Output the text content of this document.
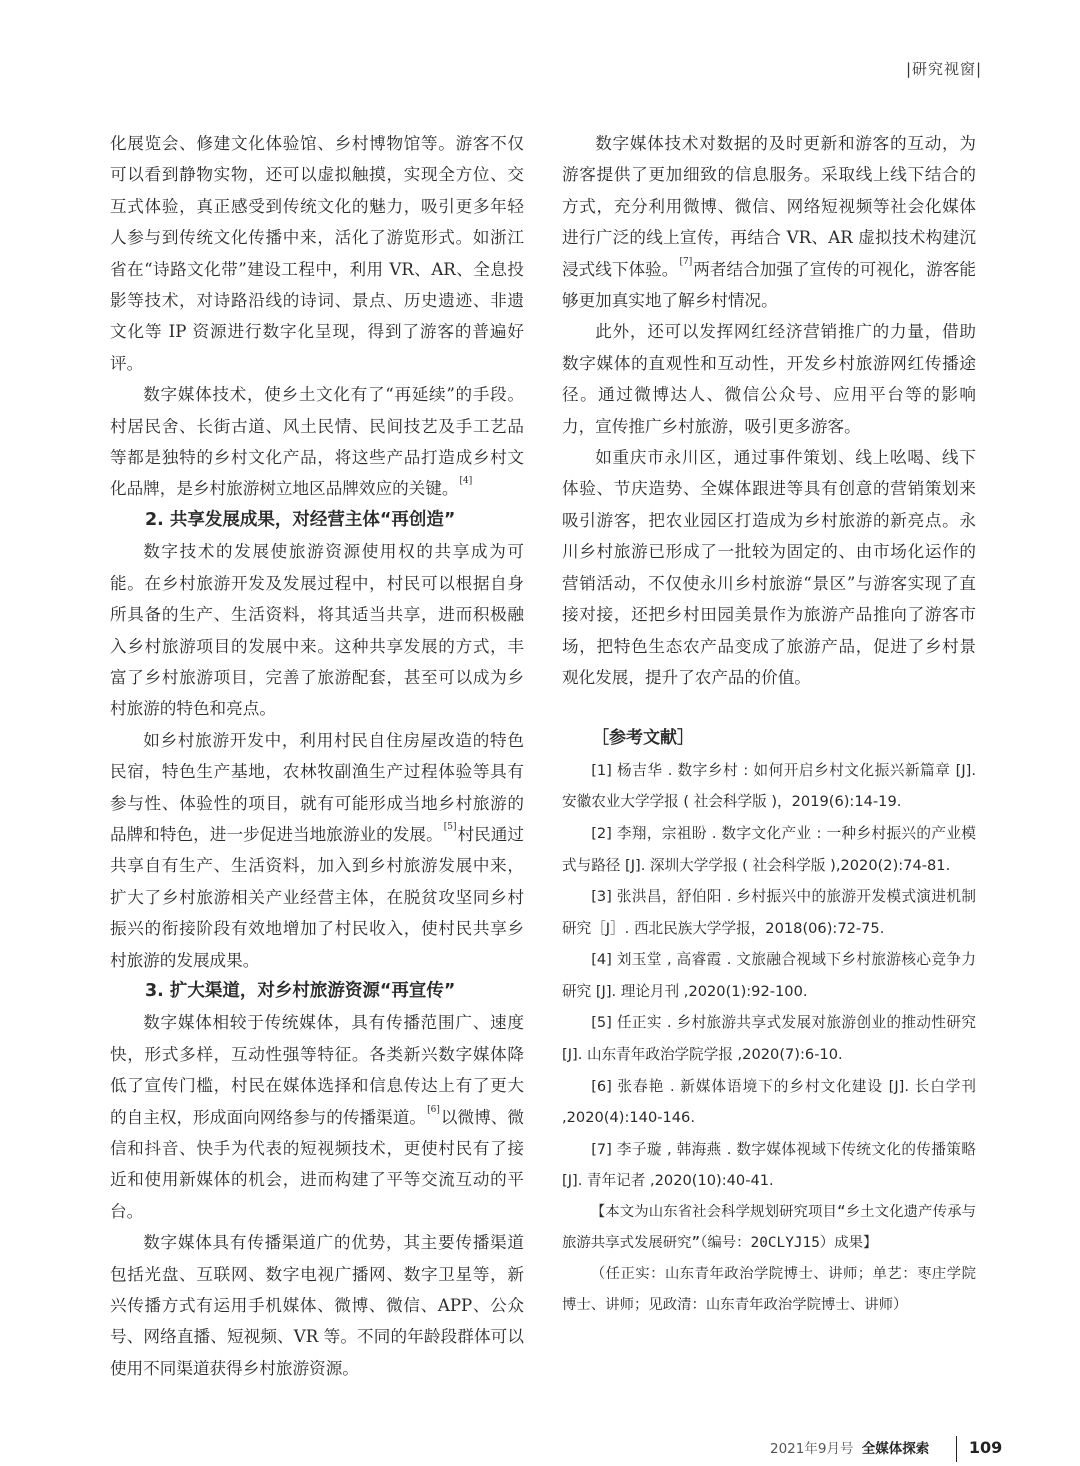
|研究视窗|

化展览会、修建文化体验馆、乡村博物馆等。游客不仅可以看到静物实物，还可以虚拟触摸，实现全方位、交互式体验，真正感受到传统文化的魅力，吸引更多年轻人参与到传统文化传播中来，活化了游览形式。如浙江省在“诗路文化带”建设工程中，利用 VR、AR、全息投影等技术，对诗路沿线的诗词、景点、历史遗迹、非遗文化等 IP 资源进行数字化呈现，得到了游客的普遍好评。

数字媒体技术，使乡土文化有了“再延续”的手段。村居民舍、长街古道、风土民情、民间技艺及手工艺品等都是独特的乡村文化产品，将这些产品打造成乡村文化品牌，是乡村旅游树立地区品牌效应的关键。[4]

2. 共享发展成果，对经营主体“再创造”

数字技术的发展使旅游资源使用权的共享成为可能。在乡村旅游开发及发展过程中，村民可以根据自身所具备的生产、生活资料，将其适当共享，进而积极融入乡村旅游项目的发展中来。这种共享发展的方式，丰富了乡村旅游项目，完善了旅游配套，甚至可以成为乡村旅游的特色和亮点。

如乡村旅游开发中，利用村民自住房屋改造的特色民宿，特色生产基地，农林牧副渔生产过程体验等具有参与性、体验性的项目，就有可能形成当地乡村旅游的品牌和特色，进一步促进当地旅游业的发展。[5]村民通过共享自有生产、生活资料，加入到乡村旅游发展中来，扩大了乡村旅游相关产业经营主体，在脱贫攻坚同乡村振兴的衔接阶段有效地增加了村民收入，使村民共享乡村旅游的发展成果。

3. 扩大渠道，对乡村旅游资源“再宣传”

数字媒体相较于传统媒体，具有传播范围广、速度快，形式多样，互动性强等特征。各类新兴数字媒体降低了宣传门槛，村民在媒体选择和信息传达上有了更大的自主权，形成面向网络参与的传播渠道。[6]以微博、微信和抖音、快手为代表的短视频技术，更使村民有了接近和使用新媒体的机会，进而构建了平等交流互动的平台。

数字媒体具有传播渠道广的优势，其主要传播渠道包括光盘、互联网、数字电视广播网、数字卫星等，新兴传播方式有运用手机媒体、微博、微信、APP、公众号、网络直播、短视频、VR 等。不同的年龄段群体可以使用不同渠道获得乡村旅游资源。

数字媒体技术对数据的及时更新和游客的互动，为游客提供了更加细致的信息服务。采取线上线下结合的方式，充分利用微博、微信、网络短视频等社会化媒体进行广泛的线上宣传，再结合 VR、AR 虚拟技术构建沉浸式线下体验。[7]两者结合加强了宣传的可视化，游客能够更加真实地了解乡村情况。

此外，还可以发挥网红经济营销推广的力量，借助数字媒体的直观性和互动性，开发乡村旅游网红传播途径。通过微博达人、微信公众号、应用平台等的影响力，宣传推广乡村旅游，吸引更多游客。

如重庆市永川区，通过事件策划、线上吆喝、线下体验、节庆造势、全媒体跟进等具有创意的营销策划来吸引游客，把农业园区打造成为乡村旅游的新亮点。永川乡村旅游已形成了一批较为固定的、由市场化运作的营销活动，不仅使永川乡村旅游“景区”与游客实现了直接对接，还把乡村田园美景作为旅游产品推向了游客市场，把特色生态农产品变成了旅游产品，促进了乡村景观化发展，提升了农产品的价值。

［参考文献］

[1] 杨吉华 . 数字乡村 : 如何开启乡村文化振兴新篇章 [J]. 安徽农业大学学报 ( 社会科学版 )，2019(6):14-19.

[2] 李翔，宗祖盼 . 数字文化产业 : 一种乡村振兴的产业模式与路径 [J]. 深圳大学学报 ( 社会科学版 ),2020(2):74-81.

[3] 张洪昌，舒伯阳 . 乡村振兴中的旅游开发模式演进机制研究［J］. 西北民族大学学报，2018(06):72-75.

[4] 刘玉堂 , 高睿霞 . 文旅融合视域下乡村旅游核心竞争力研究 [J]. 理论月刊 ,2020(1):92-100.

[5] 任正实 . 乡村旅游共享式发展对旅游创业的推动性研究 [J]. 山东青年政治学院学报 ,2020(7):6-10.

[6] 张春艳 . 新媒体语境下的乡村文化建设 [J]. 长白学刊 ,2020(4):140-146.

[7] 李子璇 , 韩海燕 . 数字媒体视域下传统文化的传播策略 [J]. 青年记者 ,2020(10):40-41.

【本文为山东省社会科学规划研究项目“乡土文化遗产传承与旅游共享式发展研究”（编号：20CLYJ15）成果】

（任正实：山东青年政治学院博士、讲师；单艺：枣庄学院博士、讲师；见政清：山东青年政治学院博士、讲师）

2021年9月号 全媒体探索 109
